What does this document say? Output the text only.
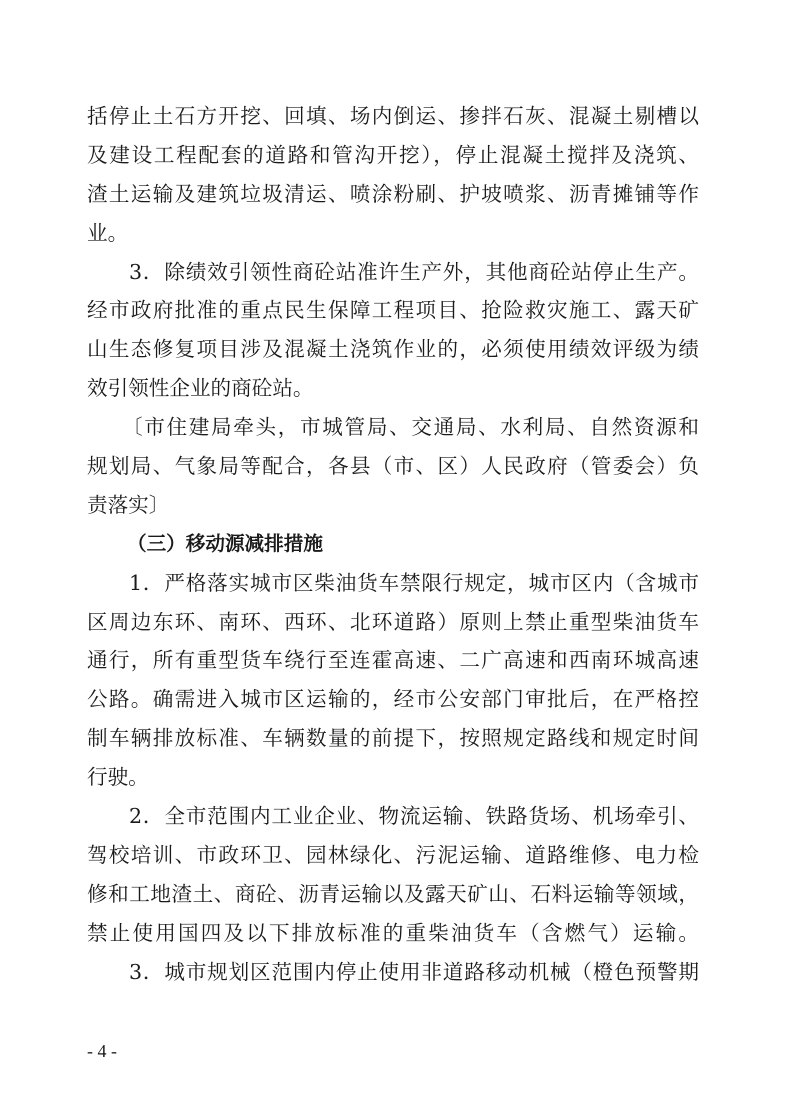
括停止土石方开挖、回填、场内倒运、掺拌石灰、混凝土剔槽以
及建设工程配套的道路和管沟开挖），停止混凝土搅拌及浇筑、
渣土运输及建筑垃圾清运、喷涂粉刷、护坡喷浆、沥青摊铺等作
业。
3．除绩效引领性商砼站准许生产外，其他商砼站停止生产。
经市政府批准的重点民生保障工程项目、抢险救灾施工、露天矿
山生态修复项目涉及混凝土浇筑作业的，必须使用绩效评级为绩
效引领性企业的商砼站。
〔市住建局牵头，市城管局、交通局、水利局、自然资源和
规划局、气象局等配合，各县（市、区）人民政府（管委会）负
责落实〕
（三）移动源减排措施
1．严格落实城市区柴油货车禁限行规定，城市区内（含城市
区周边东环、南环、西环、北环道路）原则上禁止重型柴油货车
通行，所有重型货车绕行至连霍高速、二广高速和西南环城高速
公路。确需进入城市区运输的，经市公安部门审批后，在严格控
制车辆排放标准、车辆数量的前提下，按照规定路线和规定时间
行驶。
2．全市范围内工业企业、物流运输、铁路货场、机场牵引、
驾校培训、市政环卫、园林绿化、污泥运输、道路维修、电力检
修和工地渣土、商砼、沥青运输以及露天矿山、石料运输等领域，
禁止使用国四及以下排放标准的重柴油货车（含燃气）运输。
3．城市规划区范围内停止使用非道路移动机械（橙色预警期
- 4 -
